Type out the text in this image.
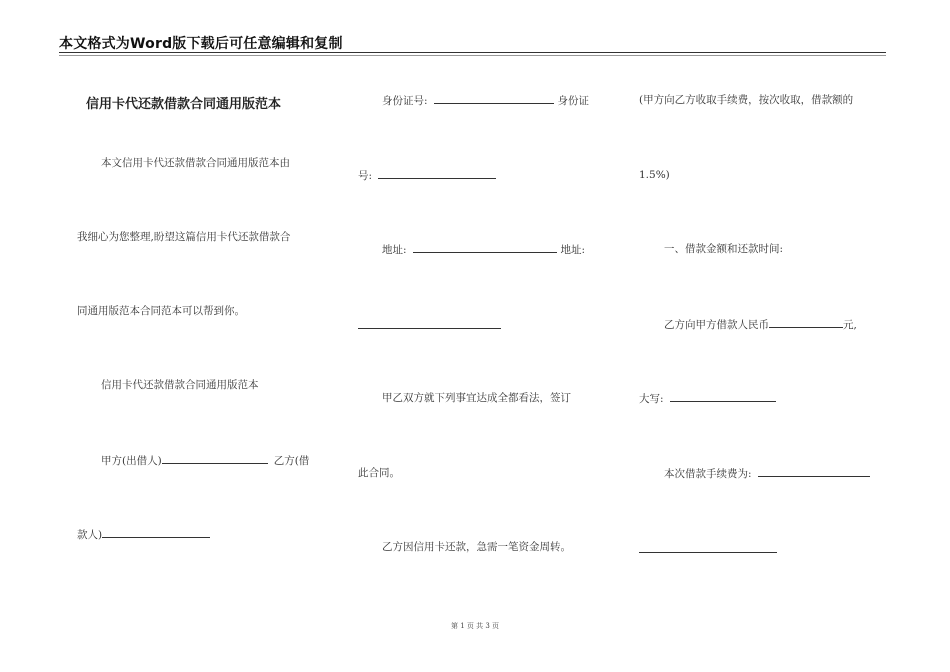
本文格式为Word版下载后可任意编辑和复制
信用卡代还款借款合同通用版范本
本文信用卡代还款借款合同通用版范本由
我细心为您整理,盼望这篇信用卡代还款借款合
同通用版范本合同范本可以帮到你。
信用卡代还款借款合同通用版范本
甲方(出借人)	乙方(借
款人)
身份证号:	身份证
号:
地址:	地址:
甲乙双方就下列事宜达成全都看法，签订
此合同。
乙方因信用卡还款，急需一笔资金周转。
(甲方向乙方收取手续费，按次收取，借款额的
1.5%)
一、借款金额和还款时间:
乙方向甲方借款人民币	元,
大写:
本次借款手续费为:
第 1 页 共 3 页
